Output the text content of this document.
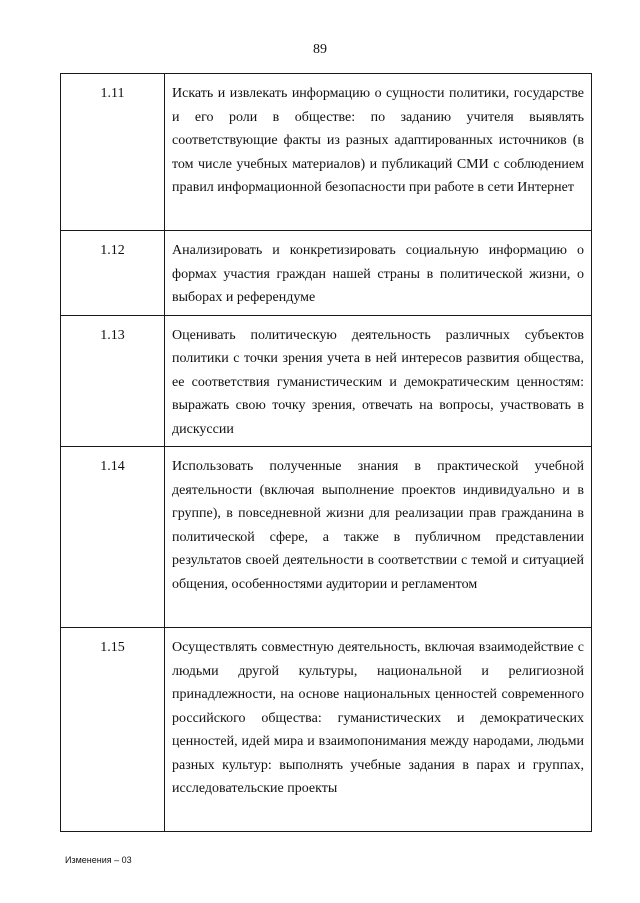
89
1.11	Искать и извлекать информацию о сущности политики, государстве и его роли в обществе: по заданию учителя выявлять соответствующие факты из разных адаптированных источников (в том числе учебных материалов) и публикаций СМИ с соблюдением правил информационной безопасности при работе в сети Интернет
1.12	Анализировать и конкретизировать социальную информацию о формах участия граждан нашей страны в политической жизни, о выборах и референдуме
1.13	Оценивать политическую деятельность различных субъектов политики с точки зрения учета в ней интересов развития общества, ее соответствия гуманистическим и демократическим ценностям: выражать свою точку зрения, отвечать на вопросы, участвовать в дискуссии
1.14	Использовать полученные знания в практической учебной деятельности (включая выполнение проектов индивидуально и в группе), в повседневной жизни для реализации прав гражданина в политической сфере, а также в публичном представлении результатов своей деятельности в соответствии с темой и ситуацией общения, особенностями аудитории и регламентом
1.15	Осуществлять совместную деятельность, включая взаимодействие с людьми другой культуры, национальной и религиозной принадлежности, на основе национальных ценностей современного российского общества: гуманистических и демократических ценностей, идей мира и взаимопонимания между народами, людьми разных культур: выполнять учебные задания в парах и группах, исследовательские проекты
Изменения – 03
